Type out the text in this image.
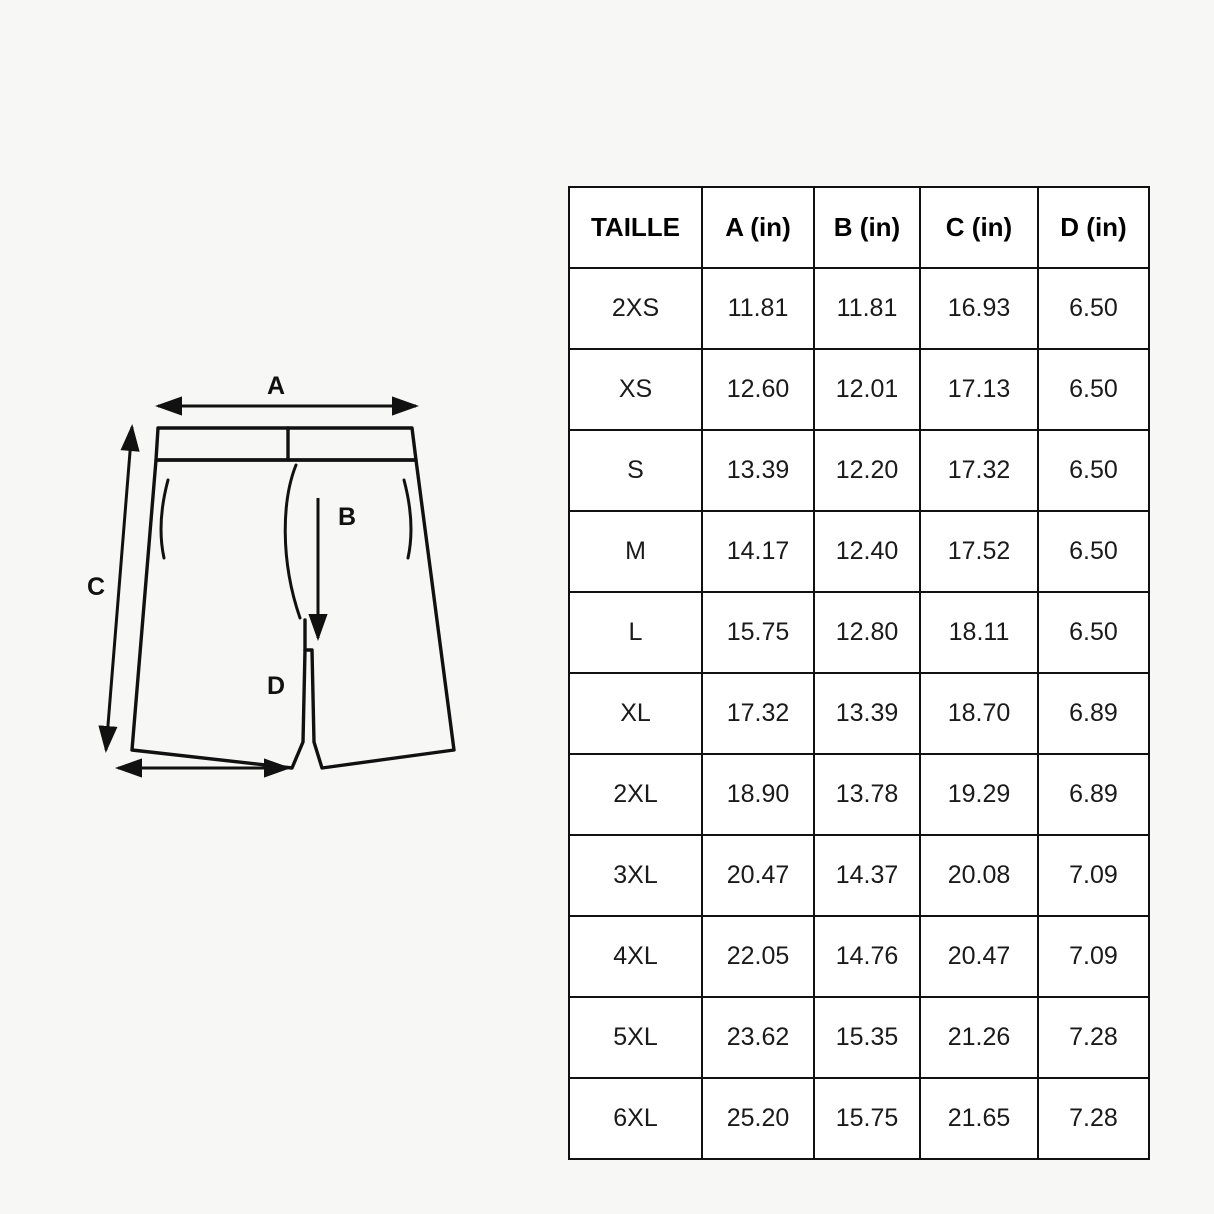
A
C
B
D
TAILLE	A (in)	B (in)	C (in)	D (in)
2XS	11.81	11.81	16.93	6.50
XS	12.60	12.01	17.13	6.50
S	13.39	12.20	17.32	6.50
M	14.17	12.40	17.52	6.50
L	15.75	12.80	18.11	6.50
XL	17.32	13.39	18.70	6.89
2XL	18.90	13.78	19.29	6.89
3XL	20.47	14.37	20.08	7.09
4XL	22.05	14.76	20.47	7.09
5XL	23.62	15.35	21.26	7.28
6XL	25.20	15.75	21.65	7.28
